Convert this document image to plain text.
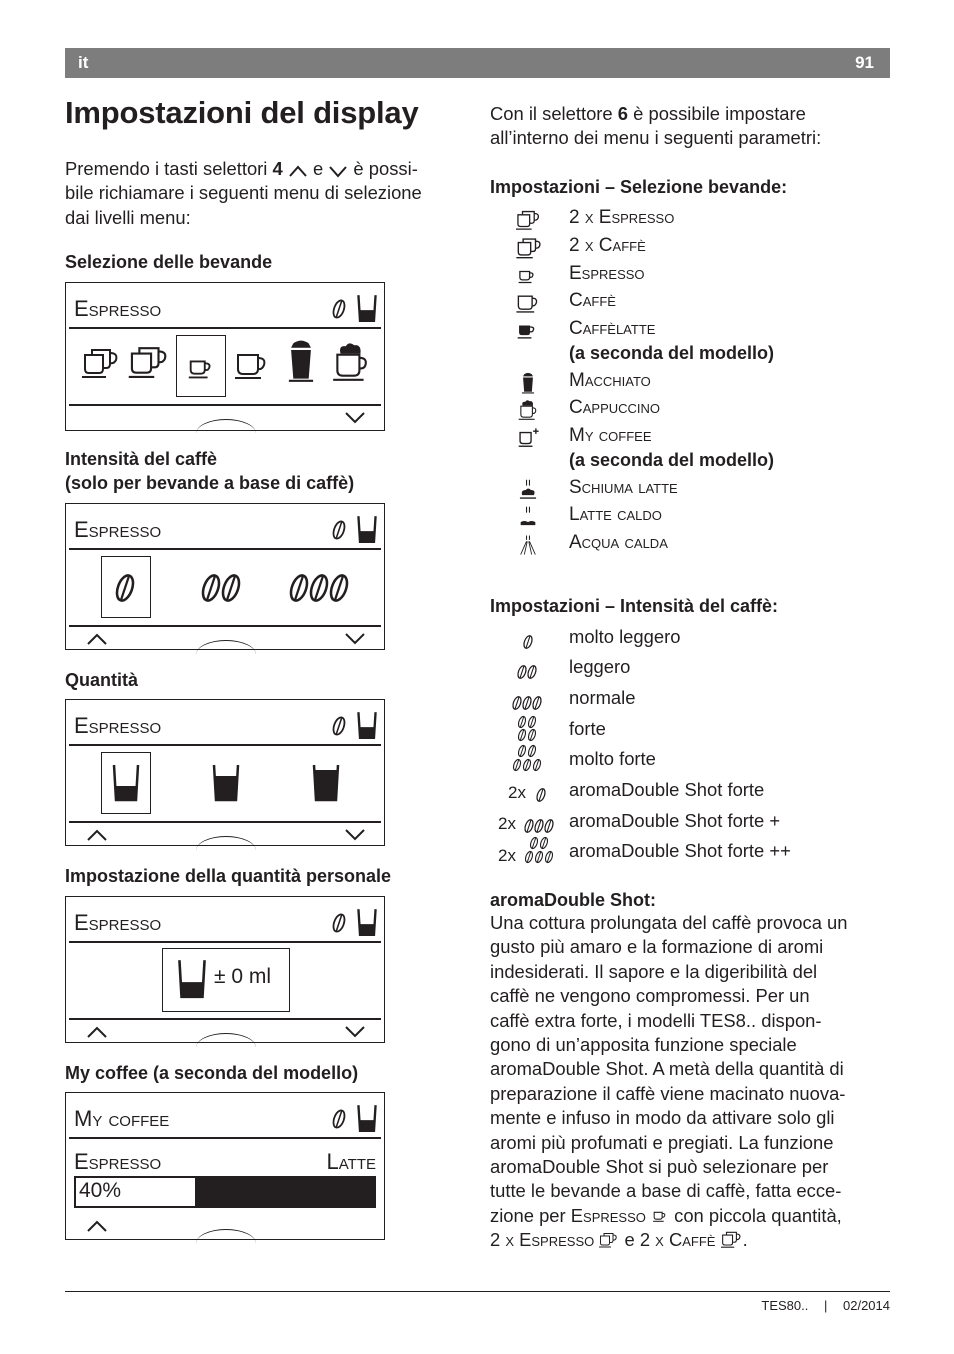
it	91
Impostazioni del display

Premendo i tasti selettori 4  e  è possi-
bile richiamare i seguenti menu di selezione
dai livelli menu:

Selezione delle bevande

Intensità del caffè

(solo per bevande a base di caffè)

Quantità

Impostazione della quantità personale

My coffee (a seconda del modello)

Espresso
Espresso
Espresso
Espresso
± 0 ml
My coffee
Espresso	Latte
40%

Con il selettore 6 è possibile impostare
all’interno dei menu i seguenti parametri:

Impostazioni – Selezione bevande:

2 x Espresso
2 x Caffè
Espresso
Caffè
Caffèlatte
(a seconda del modello)
Macchiato
Cappuccino
My coffee
(a seconda del modello)
Schiuma latte
Latte caldo
Acqua calda

Impostazioni – Intensità del caffè:

molto leggero
leggero
normale
forte
molto forte
2x aromaDouble Shot forte
2x	aromaDouble Shot forte +
2x	aromaDouble Shot forte ++

aromaDouble Shot:

Una cottura prolungata del caffè provoca un
gusto più amaro e la formazione di aromi
indesiderati. Il sapore e la digeribilità del
caffè ne vengono compromessi. Per un
caffè extra forte, i modelli TES8.. dispon-
gono di un’apposita funzione speciale
aromaDouble Shot. A metà della quantità di
preparazione il caffè viene macinato nuova-
mente e infuso in modo da attivare solo gli
aromi più profumati e pregiati. La funzione
aromaDouble Shot si può selezionare per
tutte le bevande a base di caffè, fatta ecce-
zione per Espresso  con piccola quantità,
2 x Espresso  e 2 x Caffè .
TES80.. | 02/2014
